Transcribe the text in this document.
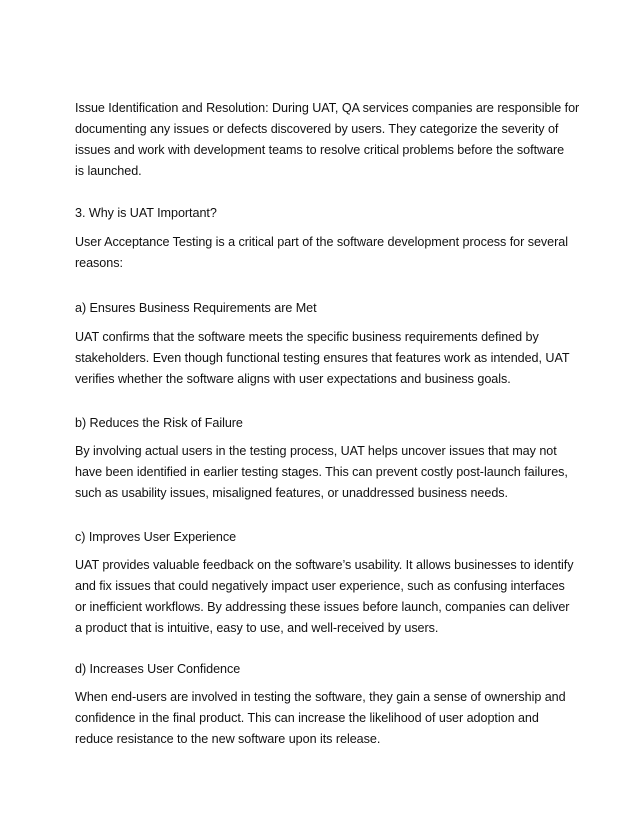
Issue Identification and Resolution: During UAT, QA services companies are responsible for
documenting any issues or defects discovered by users. They categorize the severity of
issues and work with development teams to resolve critical problems before the software
is launched.

3. Why is UAT Important?

User Acceptance Testing is a critical part of the software development process for several
reasons:

a) Ensures Business Requirements are Met

UAT confirms that the software meets the specific business requirements defined by
stakeholders. Even though functional testing ensures that features work as intended, UAT
verifies whether the software aligns with user expectations and business goals.

b) Reduces the Risk of Failure

By involving actual users in the testing process, UAT helps uncover issues that may not
have been identified in earlier testing stages. This can prevent costly post-launch failures,
such as usability issues, misaligned features, or unaddressed business needs.

c) Improves User Experience

UAT provides valuable feedback on the software’s usability. It allows businesses to identify
and fix issues that could negatively impact user experience, such as confusing interfaces
or inefficient workflows. By addressing these issues before launch, companies can deliver
a product that is intuitive, easy to use, and well-received by users.

d) Increases User Confidence

When end-users are involved in testing the software, they gain a sense of ownership and
confidence in the final product. This can increase the likelihood of user adoption and
reduce resistance to the new software upon its release.
